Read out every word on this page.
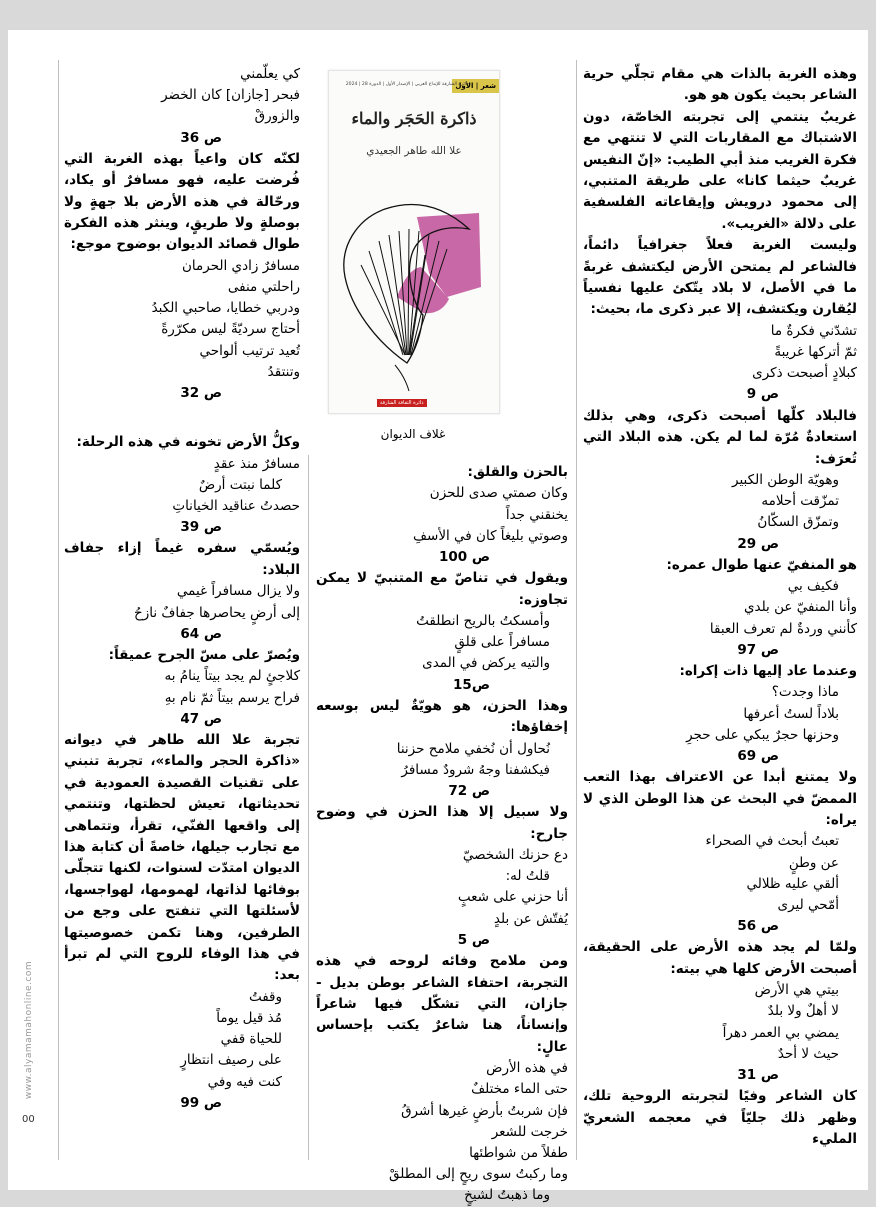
www.alyamamahonline.com
00
شعر | الأول
جائزة الشارقة للإبداع العربي | الإصدار الأول | الدورة 28 | 2024
ذاكرة الحَجَر والماء
علا الله طاهر الجعيدي
دائرة الثقافة الشارقة
غلاف الديوان

وهذه الغربة بالذات هي مقام تجلّي حرية الشاعر بحيث يكون هو هو.

غريبٌ ينتمي إلى تجربته الخاصّة، دون الاشتباك مع المقاربات التي لا تنتهي مع فكرة الغريب منذ أبي الطيب: «إنّ النفيس غريبٌ حيثما كانا» على طريقة المتنبي، إلى محمود درويش وإيقاعاته الفلسفية على دلالة «الغريب».

وليست الغربة فعلاً جغرافياً دائماً، فالشاعر لم يمتحن الأرض ليكتشف غربةً ما في الأصل، لا بلاد يتّكئ عليها نفسياً ليُقارن ويكتشف، إلا عبر ذكرى ما، بحيث:

تشدّني فكرةٌ ما
ثمّ أتركها غريبةً
كبلادٍ أصبحت ذكرى
ص 9
فالبلاد كلّها أصبحت ذكرى، وهي بذلك استعادةٌ مُرّة لما لم يكن. هذه البلاد التي تُعرَف:
وهويّة الوطن الكبير
تمزّقت أحلامه
وتمزّق السكّانُ
ص 29
هو المنفيّ عنها طوال عمره:
فكيف بي
وأنا المنفيّ عن بلدي
كأنني وردةٌ لم تعرف العبقا
ص 97
وعندما عاد إليها ذات إكراه:
ماذا وجدت؟
بلاداً لستُ أعرفها
وحزنها حجرٌ يبكي على حجرِ
ص 69
ولا يمتنع أبدا عن الاعتراف بهذا التعب الممضّ في البحث عن هذا الوطن الذي لا يراه:
تعبتُ أبحث في الصحراء
عن وطنٍ
ألقي عليه ظلالي
أمّحي ليرى
ص 56
ولمّا لم يجد هذه الأرض على الحقيقة، أصبحت الأرض كلها هي بيته:
بيتي هي الأرض
لا أهلٌ ولا بلدٌ
يمضي بي العمر دهراً
حيث لا أحدٌ
ص 31
كان الشاعر وفيًا لتجربته الروحية تلك، وظهر ذلك جليّاً في معجمه الشعريّ المليء
بالحزن والقلق:
وكان صمتي صدى للحزن
يخنقني جداً
وصوتي بليغاً كان في الأسفِ
ص 100
ويقول في تناصّ مع المتنبيّ لا يمكن تجاوزه:
وأمسكتُ بالريح انطلقتُ
مسافراً على قلقٍ
والتيه يركض في المدى
ص15
وهذا الحزن، هو هويّةٌ ليس بوسعه إخفاؤها:
نُحاول أن نُخفي ملامح حزننا
فيكشفنا وجهُ شرودٌ مسافرُ
ص 72
ولا سبيل إلا هذا الحزن في وضوح جارح:
دع حزنك الشخصيّ
قلتُ له:
أنا حزني على شعبٍ
يُفتّش عن بلدٍ
ص 5
ومن ملامح وفائه لروحه في هذه التجربة، احتفاء الشاعر بوطن بديل - جازان، التي تشكّل فيها شاعراً وإنساناً، هنا شاعرٌ يكتب بإحساس عالٍ:
في هذه الأرض
حتى الماء مختلفٌ
فإن شربتُ بأرضٍ غيرها أشرقُ
خرجت للشعر
طفلاً من شواطئها
وما ركبتُ سوى ريحٍ إلى المطلقْ
وما ذهبتُ لشيخٍ
كي يعلّمني
فبحر [جازان] كان الخضر
والزورقْ
ص 36
لكنّه كان واعياً بهذه الغربة التي فُرضت عليه، فهو مسافرٌ أو يكاد، ورحّالة في هذه الأرض بلا جهةٍ ولا بوصلةٍ ولا طريقٍ، وينثر هذه الفكرة طوال قصائد الديوان بوضوح موجع:
مسافرٌ زادي الحرمان
راحلتي منفى
ودربي خطايا، صاحبي الكبدُ
أحتاج سرديّةً ليس مكرّرةً
تُعيد ترتيب ألواحي
وتنتقدُ
ص 32
وكلُّ الأرض تخونه في هذه الرحلة:
مسافرٌ منذ عقدٍ
كلما نبتت أرضٌ
حصدتُ عناقيد الخياناتِ
ص 39
ويُسمّي سفره غيماً إزاء جفاف البلاد:
ولا يزال مسافراً غيمي
إلى أرضٍ يحاصرها جفافٌ نازحُ
ص 64
ويُصرّ على مسّ الجرح عميقاً:
كلاجئٍ لم يجد بيتاً ينامُ به
فراح يرسم بيتاً ثمّ نام بهِ
ص 47
تجربة علا الله طاهر في ديوانه «ذاكرة الحجر والماء»، تجربة تنبني على تقنيات القصيدة العمودية في تحديثاتها، تعيش لحظتها، وتنتمي إلى واقعها الفنّي، تقرأ، وتتماهى مع تجارب جيلها، خاصةً أن كتابة هذا الديوان امتدّت لسنوات، لكنها تتجلّى بوفائها لذاتها، لهمومها، لهواجسها، لأسئلتها التي تنفتح على وجع من الطرفين، وهنا تكمن خصوصيتها في هذا الوفاء للروح التي لم تبرأ بعد:
وقفتُ
مُذ قيل يوماً
للحياة قفي
على رصيف انتظارٍ
كنت فيه وفي
ص 99
